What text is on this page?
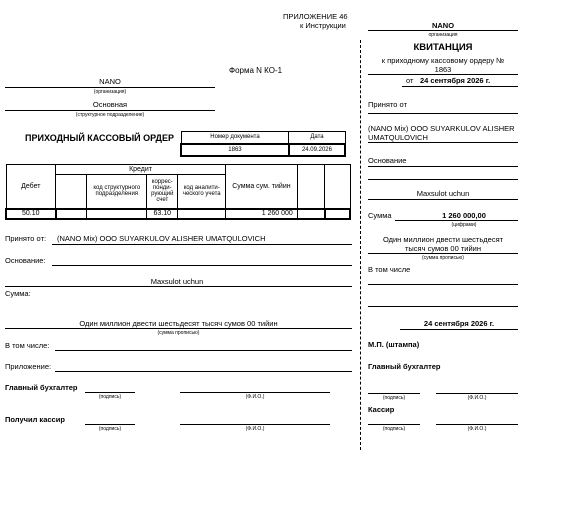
ПРИЛОЖЕНИЕ 46
к Инструкции
Форма N КО-1
NANO
(организация)
Основная
(структурное подразделение)
ПРИХОДНЫЙ КАССОВЫЙ ОРДЕР	Номер документа	Дата
1863	24.09.2026
Дебет	Кредит				Сумма сум. тийин		
		код структурного подразделения	коррес- понди- рующий счет	код аналити- ческого учета			
50.10			63.10		1 260 000		
Принято от: (NANO Mix) OOO SUYARKULOV ALISHER UMATQULOVICH
Основание:
Maxsulot uchun
Сумма:
Один миллион двести шестьдесят тысяч сумов 00 тийин
(сумма прописью)
В том числе:
Приложение:
Главный бухгалтер
(подпись)	(Ф.И.О.)
Получил кассир
(подпись)	(Ф.И.О.)
NANO
организация
КВИТАНЦИЯ
к приходному кассовому ордеру №
1863
от 24 сентября 2026 г.
Принято от
(NANO Mix) OOO SUYARKULOV ALISHER
UMATQULOVICH
Основание
Maxsulot uchun
Сумма	1 260 000,00
(цифрами)
Один миллион двести шестьдесят
тысяч сумов 00 тийин
(сумма прописью)
В том числе
24 сентября 2026 г.
М.П. (штампа)
Главный бухгалтер
(подпись)	(Ф.И.О.)
Кассир
(подпись)	(Ф.И.О.)
